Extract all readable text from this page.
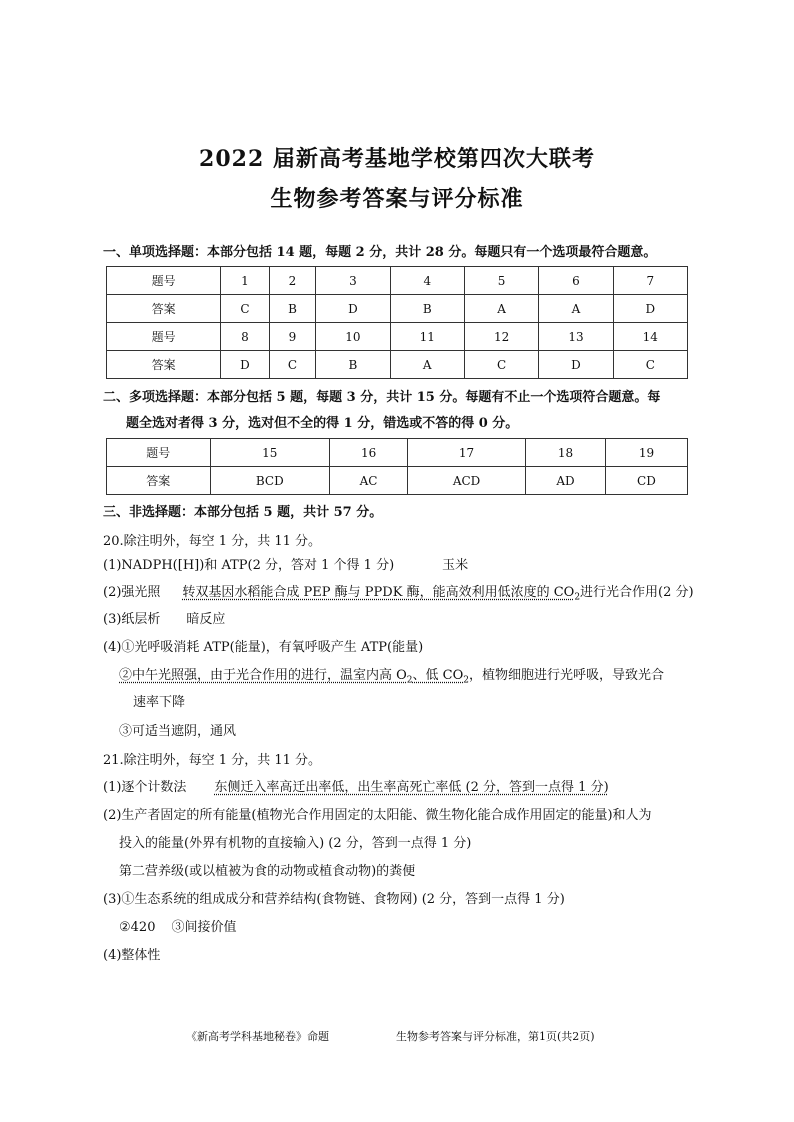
2022 届新高考基地学校第四次大联考
生物参考答案与评分标准
一、单项选择题：本部分包括 14 题，每题 2 分，共计 28 分。每题只有一个选项最符合题意。
题号	1	2	3	4	5	6	7
答案	C	B	D	B	A	A	D
题号	8	9	10	11	12	13	14
答案	D	C	B	A	C	D	C
二、多项选择题：本部分包括 5 题，每题 3 分，共计 15 分。每题有不止一个选项符合题意。每
题全选对者得 3 分，选对但不全的得 1 分，错选或不答的得 0 分。
题号	15	16	17	18	19
答案	BCD	AC	ACD	AD	CD
三、非选择题：本部分包括 5 题，共计 57 分。
20.除注明外，每空 1 分，共 11 分。
(1)NADPH([H])和 ATP(2 分，答对 1 个得 1 分)	玉米
(2)强光照 转双基因水稻能合成 PEP 酶与 PPDK 酶，能高效利用低浓度的 $CO_2$进行光合作用(2 分)
(3)纸层析 暗反应
(4)①光呼吸消耗 ATP(能量)，有氧呼吸产生 ATP(能量)
②中午光照强，由于光合作用的进行，温室内高 $O_2$、低 $CO_2$，植物细胞进行光呼吸，导致光合
速率下降
③可适当遮阴，通风
21.除注明外，每空 1 分，共 11 分。
(1)逐个计数法 东侧迁入率高迁出率低，出生率高死亡率低 (2 分，答到一点得 1 分)
(2)生产者固定的所有能量(植物光合作用固定的太阳能、微生物化能合成作用固定的能量)和人为
投入的能量(外界有机物的直接输入) (2 分，答到一点得 1 分)
第二营养级(或以植被为食的动物或植食动物)的粪便
(3)①生态系统的组成成分和营养结构(食物链、食物网) (2 分，答到一点得 1 分)
②420 ③间接价值
(4)整体性
《新高考学科基地秘卷》命题	生物参考答案与评分标准，第1页(共2页)
